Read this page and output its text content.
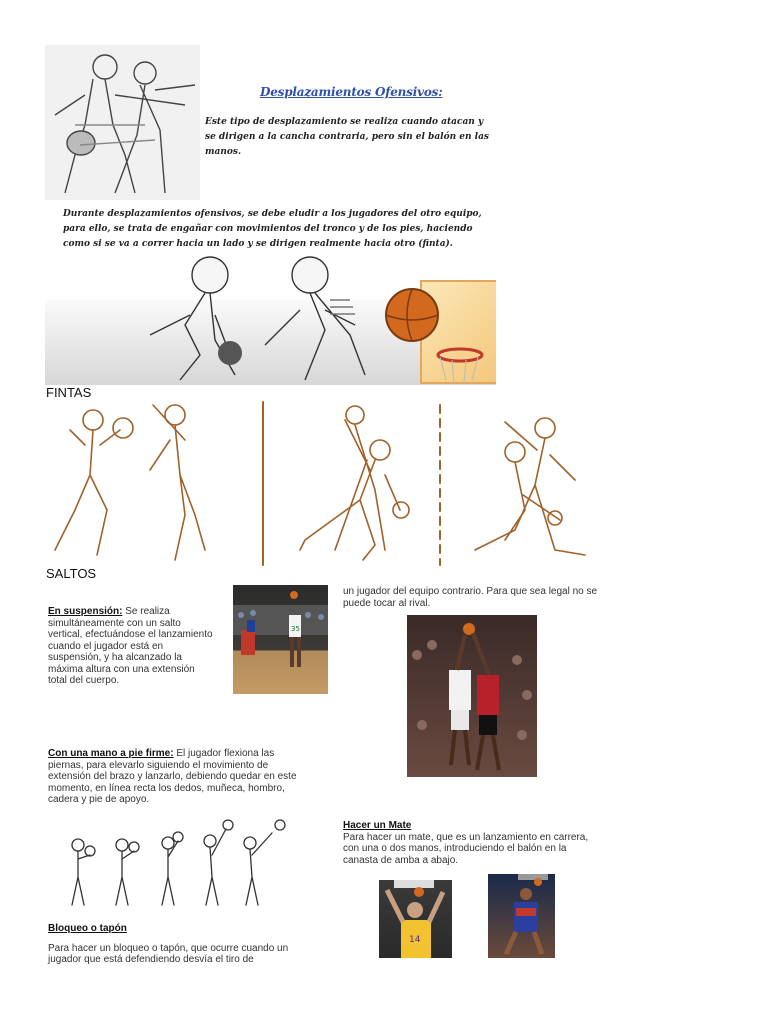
Desplazamientos Ofensivos:
Este tipo de desplazamiento se realiza cuando atacan y se dirigen a la cancha contraria, pero sin el balón en las manos.
Durante desplazamientos ofensivos, se debe eludir a los jugadores del otro equipo, para ello, se trata de engañar con movimientos del tronco y de los pies, haciendo como si se va a correr hacia un lado y se dirigen realmente hacia otro (finta).
FINTAS
SALTOS
En suspensión: Se realiza simultáneamente con un salto vertical, efectuándose el lanzamiento cuando el jugador está en suspensión, y ha alcanzado la máxima altura con una extensión total del cuerpo.
35
un jugador del equipo contrario. Para que sea legal no se puede tocar al rival.
Con una mano a pie firme: El jugador flexiona las piernas, para elevarlo siguiendo el movimiento de extensión del brazo y lanzarlo, debiendo quedar en este momento, en línea recta los dedos, muñeca, hombro, cadera y pie de apoyo.
Bloqueo o tapón
Para hacer un bloqueo o tapón, que ocurre cuando un jugador que está defendiendo desvía el tiro de
Hacer un Mate
Para hacer un mate, que es un lanzamiento en carrera, con una o dos manos, introduciendo el balón en la canasta de amba a abajo.
14
